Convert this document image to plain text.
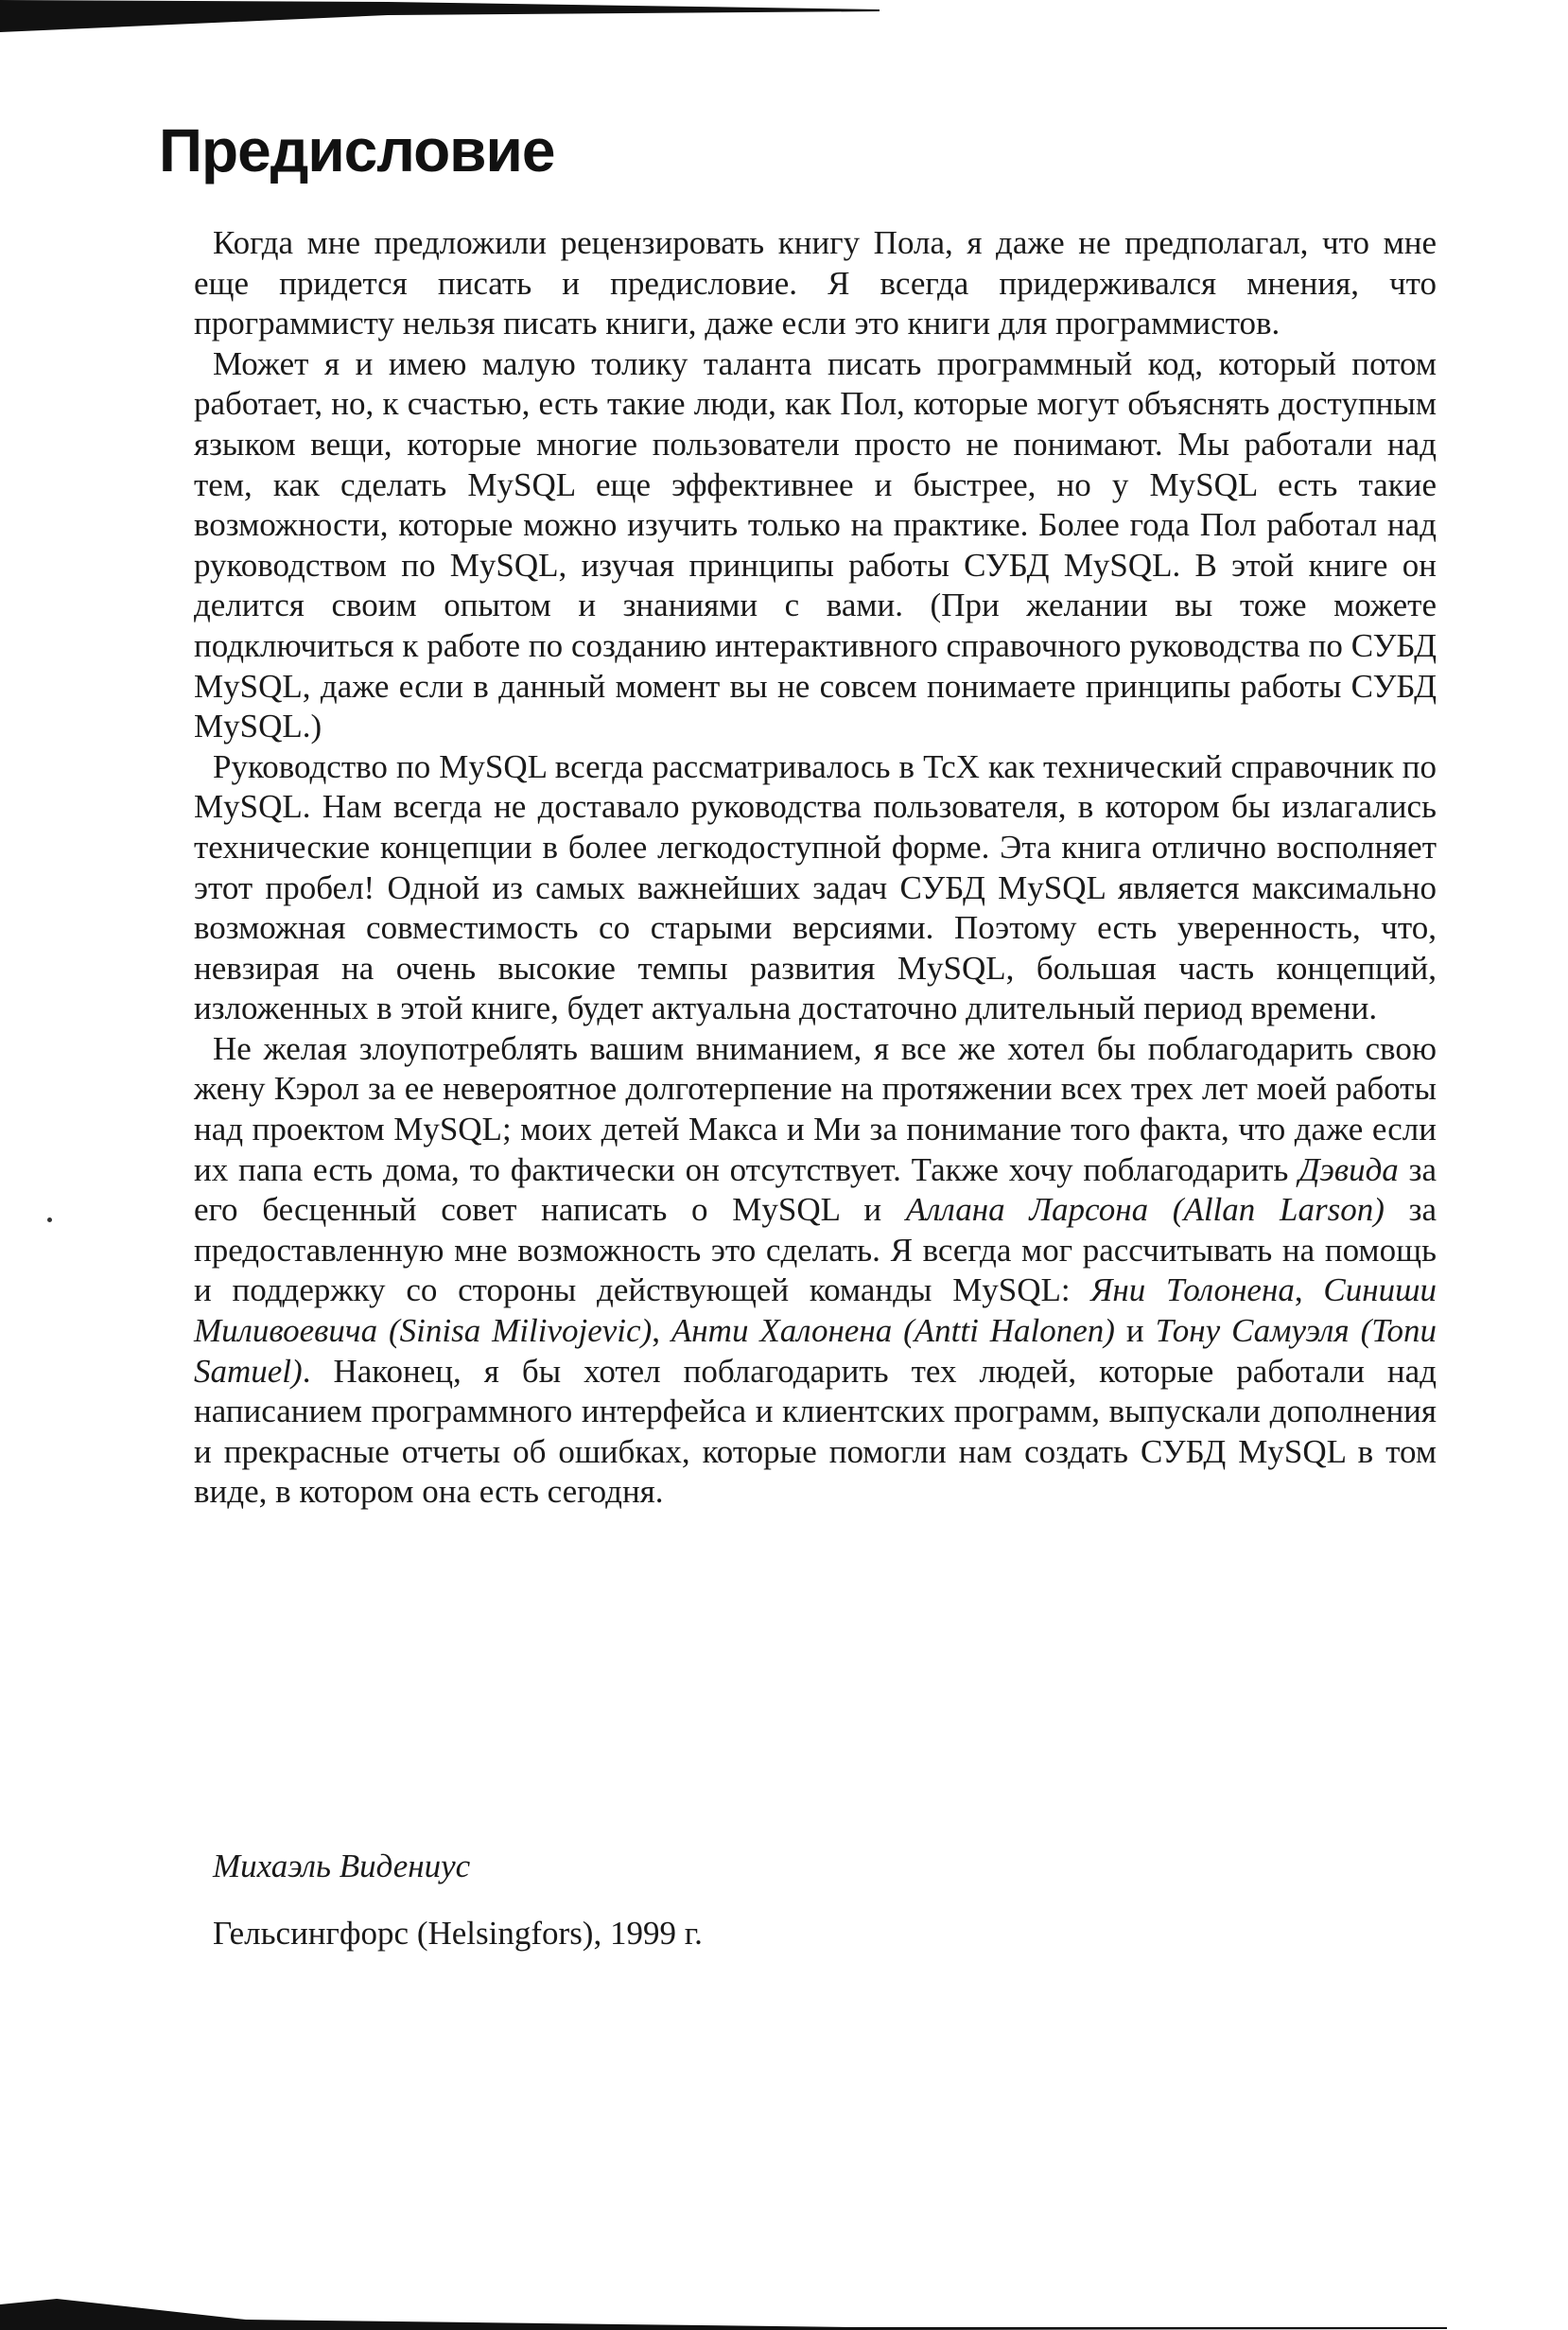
Предисловие

Когда мне предложили рецензировать книгу Пола, я даже не предполагал, что мне еще придется писать и предисловие. Я всегда придерживался мнения, что программисту нельзя писать книги, даже если это книги для программистов.

Может я и имею малую толику таланта писать программный код, который потом работает, но, к счастью, есть такие люди, как Пол, которые могут объяснять доступным языком вещи, которые многие пользователи просто не понимают. Мы работали над тем, как сделать MySQL еще эффективнее и быстрее, но у MySQL есть такие возможности, которые можно изучить только на практике. Более года Пол работал над руководством по MySQL, изучая принципы работы СУБД MySQL. В этой книге он делится своим опытом и знаниями с вами. (При желании вы тоже можете подключиться к работе по созданию интерактивного справочного руководства по СУБД MySQL, даже если в данный момент вы не совсем понимаете принципы работы СУБД MySQL.)

Руководство по MySQL всегда рассматривалось в TcX как технический справочник по MySQL. Нам всегда не доставало руководства пользователя, в котором бы излагались технические концепции в более легкодоступной форме. Эта книга отлично восполняет этот пробел! Одной из самых важнейших задач СУБД MySQL является максимально возможная совместимость со старыми версиями. Поэтому есть уверенность, что, невзирая на очень высокие темпы развития MySQL, большая часть концепций, изложенных в этой книге, будет актуальна достаточно длительный период времени.

Не желая злоупотреблять вашим вниманием, я все же хотел бы поблагодарить свою жену Кэрол за ее невероятное долготерпение на протяжении всех трех лет моей работы над проектом MySQL; моих детей Макса и Ми за понимание того факта, что даже если их папа есть дома, то фактически он отсутствует. Также хочу поблагодарить Дэвида за его бесценный совет написать о MySQL и Аллана Ларсона (Allan Larson) за предоставленную мне возможность это сделать. Я всегда мог рассчитывать на помощь и поддержку со стороны действующей команды MySQL: Яни Толонена, Синиши Миливоевича (Sinisa Milivojevic), Анти Халонена (Antti Halonen) и Тону Самуэля (Tonu Samuel). Наконец, я бы хотел поблагодарить тех людей, которые работали над написанием программного интерфейса и клиентских программ, выпускали дополнения и прекрасные отчеты об ошибках, которые помогли нам создать СУБД MySQL в том виде, в котором она есть сегодня.

Михаэль Видениус

Гельсингфорс (Helsingfors), 1999 г.
